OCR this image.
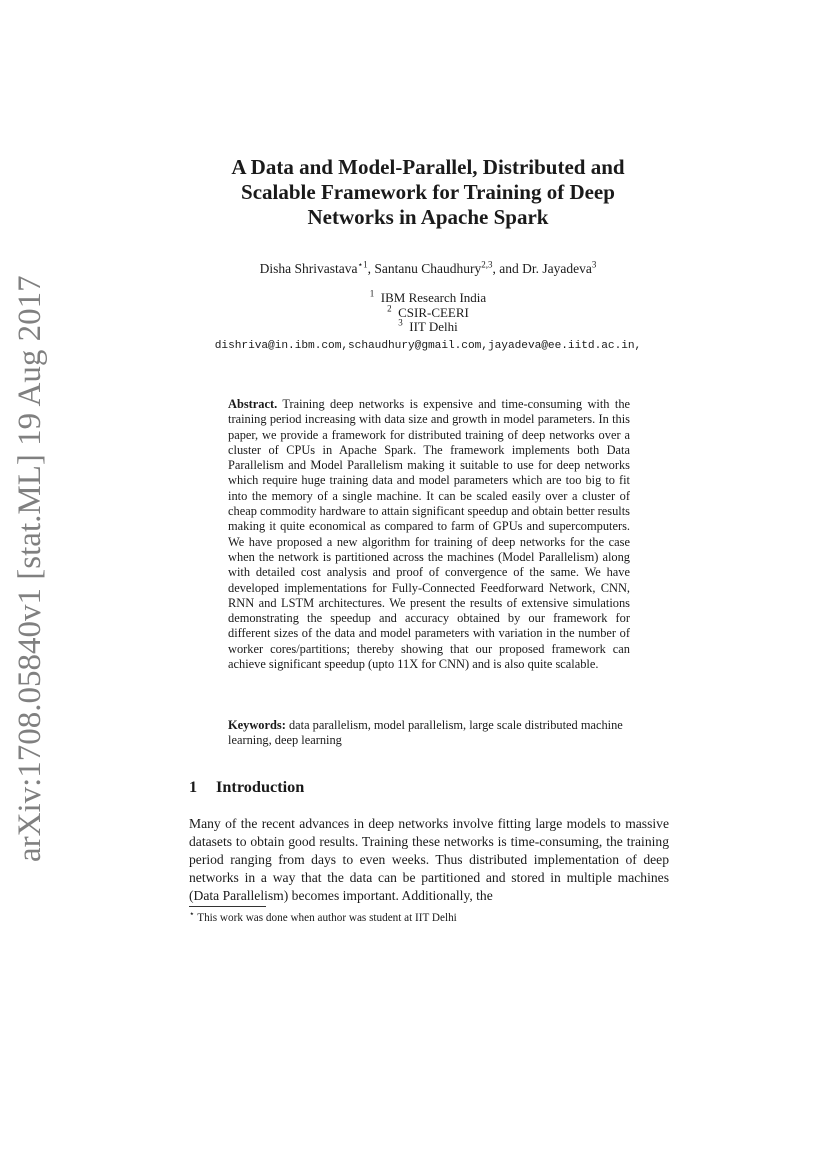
arXiv:1708.05840v1 [stat.ML] 19 Aug 2017
A Data and Model-Parallel, Distributed and
Scalable Framework for Training of Deep
Networks in Apache Spark
Disha Shrivastava$^{⋆1}$, Santanu Chaudhury$^{2,3}$, and Dr. Jayadeva$^3$
$^1$ IBM Research India
$^2$ CSIR-CEERI
$^3$ IIT Delhi
dishriva@in.ibm.com,schaudhury@gmail.com,jayadeva@ee.iitd.ac.in,
Abstract. Training deep networks is expensive and time-consuming with the training period increasing with data size and growth in model parameters. In this paper, we provide a framework for distributed training of deep networks over a cluster of CPUs in Apache Spark. The framework implements both Data Parallelism and Model Parallelism making it suitable to use for deep networks which require huge training data and model parameters which are too big to fit into the memory of a single machine. It can be scaled easily over a cluster of cheap commodity hardware to attain significant speedup and obtain better results making it quite economical as compared to farm of GPUs and supercomputers. We have proposed a new algorithm for training of deep networks for the case when the network is partitioned across the machines (Model Parallelism) along with detailed cost analysis and proof of convergence of the same. We have developed implementations for Fully-Connected Feedforward Network, CNN, RNN and LSTM architectures. We present the results of extensive simulations demonstrating the speedup and accuracy obtained by our framework for different sizes of the data and model parameters with variation in the number of worker cores/partitions; thereby showing that our proposed framework can achieve significant speedup (upto 11X for CNN) and is also quite scalable.
Keywords: data parallelism, model parallelism, large scale distributed machine learning, deep learning
1 Introduction
Many of the recent advances in deep networks involve fitting large models to massive datasets to obtain good results. Training these networks is time-consuming, the training period ranging from days to even weeks. Thus distributed implementation of deep networks in a way that the data can be partitioned and stored in multiple machines (Data Parallelism) becomes important. Additionally, the
⋆ This work was done when author was student at IIT Delhi
